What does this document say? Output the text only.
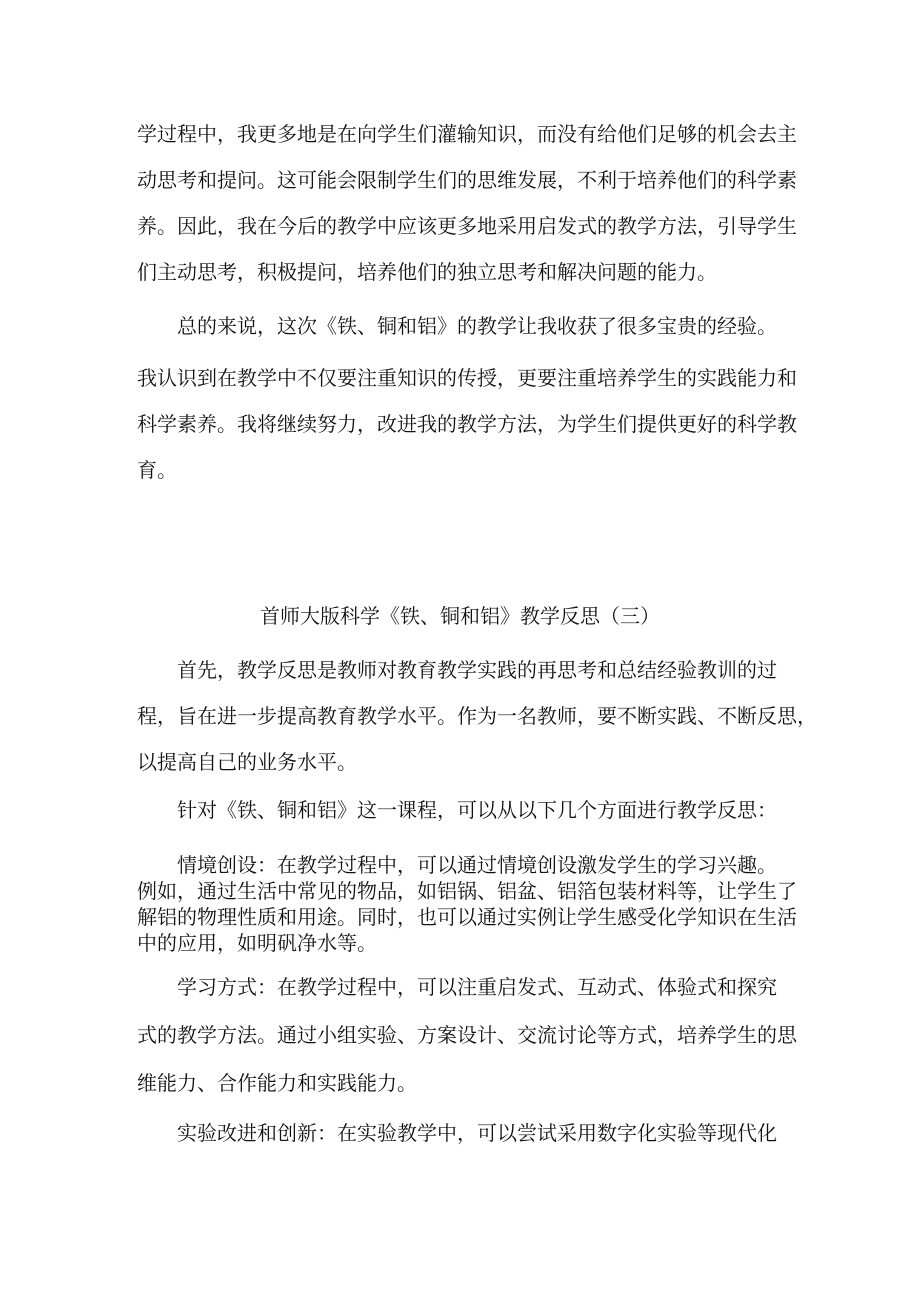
学过程中，我更多地是在向学生们灌输知识，而没有给他们足够的机会去主

动思考和提问。这可能会限制学生们的思维发展，不利于培养他们的科学素

养。因此，我在今后的教学中应该更多地采用启发式的教学方法，引导学生

们主动思考，积极提问，培养他们的独立思考和解决问题的能力。

总的来说，这次《铁、铜和铝》的教学让我收获了很多宝贵的经验。

我认识到在教学中不仅要注重知识的传授，更要注重培养学生的实践能力和

科学素养。我将继续努力，改进我的教学方法，为学生们提供更好的科学教

育。

首师大版科学《铁、铜和铝》教学反思（三）

首先，教学反思是教师对教育教学实践的再思考和总结经验教训的过

程，旨在进一步提高教育教学水平。作为一名教师，要不断实践、不断反思，

以提高自己的业务水平。

针对《铁、铜和铝》这一课程，可以从以下几个方面进行教学反思：

情境创设：在教学过程中，可以通过情境创设激发学生的学习兴趣。

例如，通过生活中常见的物品，如铝锅、铝盆、铝箔包装材料等，让学生了

解铝的物理性质和用途。同时，也可以通过实例让学生感受化学知识在生活

中的应用，如明矾净水等。

学习方式：在教学过程中，可以注重启发式、互动式、体验式和探究

式的教学方法。通过小组实验、方案设计、交流讨论等方式，培养学生的思

维能力、合作能力和实践能力。

实验改进和创新：在实验教学中，可以尝试采用数字化实验等现代化
